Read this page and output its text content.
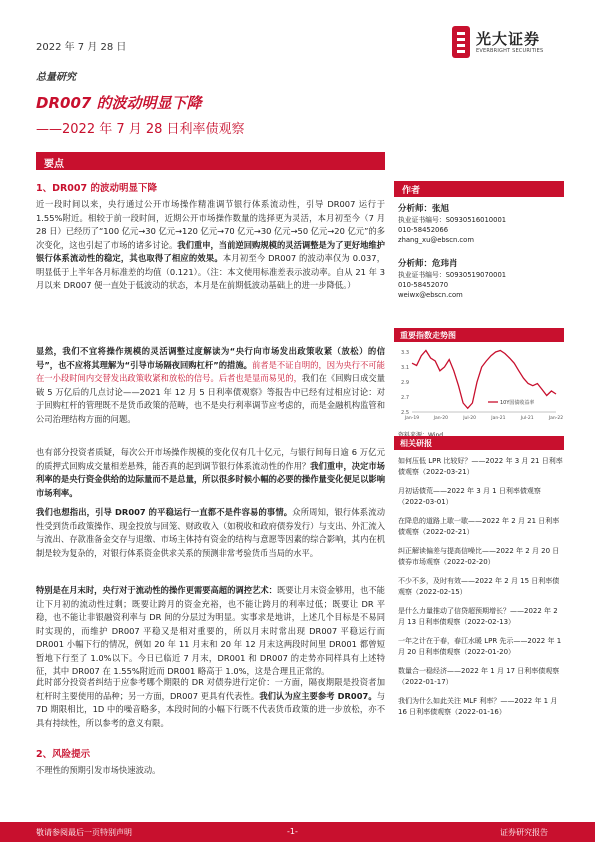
2022 年 7 月 28 日	光大证券
EVERBRIGHT SECURITIES
总量研究
DR007 的波动明显下降
——2022 年 7 月 28 日利率债观察
要点
1、DR007 的波动明显下降
近一段时间以来，央行通过公开市场操作精准调节银行体系流动性，引导 DR007 运行于 1.55%附近。相较于前一段时间，近期公开市场操作数量的选择更为灵活，本月初至今（7 月 28 日）已经历了“100 亿元→30 亿元→120 亿元→70 亿元→30 亿元→50 亿元→20 亿元”的多次变化，这也引起了市场的诸多讨论。我们重申，当前逆回购规模的灵活调整是为了更好地维护银行体系流动性的稳定，其也取得了相应的效果。本月初至今 DR007 的波动率仅为 0.037，明显低于上半年各月标准差的均值（0.121）。（注：本文使用标准差表示波动率。自从 21 年 3 月以来 DR007 便一直处于低波动的状态，本月是在前期低波动基础上的进一步降低。）
显然，我们不宜将操作规模的灵活调整过度解读为“央行向市场发出政策收紧（放松）的信号”，也不应将其理解为“引导市场隔夜回购杠杆”的措施。前者是不证自明的，因为央行不可能在一小段时间内交替发出政策收紧和放松的信号。后者也是显而易见的，我们在《回购日成交量破 5 万亿后的几点讨论——2021 年 12 月 5 日利率债观察》等报告中已经有过相应讨论：对于回购杠杆的管理既不是货币政策的范畴，也不是央行利率调节应考虑的，而是金融机构监管和公司治理结构方面的问题。
也有部分投资者质疑，每次公开市场操作规模的变化仅有几十亿元，与银行间每日逾 6 万亿元的质押式回购成交量相差悬殊，能否真的起到调节银行体系流动性的作用？我们重申，决定市场利率的是央行资金供给的边际量而不是总量，所以很多时候小幅的必要的操作量变化便足以影响市场利率。
我们也想指出，引导 DR007 的平稳运行一直都不是件容易的事情。众所周知，银行体系流动性受到货币政策操作、现金投放与回笼、财政收入（如税收和政府债券发行）与支出、外汇流入与流出、存款准备金交存与退缴、市场主体持有资金的结构与意愿等因素的综合影响，其内在机制是较为复杂的，对银行体系资金供求关系的预测非常考验货币当局的水平。
特别是在月末时，央行对于流动性的操作更需要高超的调控艺术：既要让月末资金够用，也不能让下月初的流动性过剩；既要让跨月的资金充裕，也不能让跨月的利率过低；既要让 DR 平稳，也不能让非银融资利率与 DR 间的分层过为明显。实事求是地讲，上述几个目标是不易同时实现的，而维护 DR007 平稳又是相对重要的，所以月末时常出现 DR007 平稳运行而 DR001 小幅下行的情况，例如 20 年 11 月末和 20 年 12 月末这两段时间里 DR001 都曾短暂地下行至了 1.0%以下。今日已临近 7 月末，DR001 和 DR007 的走势亦同样具有上述特征，其中 DR007 在 1.55%附近而 DR001 略高于 1.0%，这是合理且正常的。
此时部分投资者纠结于应参考哪个期限的 DR 对债券进行定价：一方面，隔夜期限是投资者加杠杆时主要使用的品种；另一方面，DR007 更具有代表性。我们认为应主要参考 DR007。与 7D 期限相比，1D 中的噪音略多，本段时间的小幅下行既不代表货币政策的进一步放松，亦不具有持续性，所以参考的意义有限。
2、风险提示
不理性的预期引发市场快速波动。
作者
分析师：张旭
执业证书编号：S0930516010001
010-58452066
zhang_xu@ebscn.com
分析师：危玮肖
执业证书编号：S0930519070001
010-58452070
weiwx@ebscn.com
重要指数走势图
2.5
2.7
2.9
3.1
3.3
Jan-19	Jan-20	Jul-20	Jan-21	Jul-21	Jan-22
10Y国债收益率
相关研报
如何压低 LPR 比较好？——2022 年 3 月 21 日利率债观察（2022-03-21）
月初话债荒——2022 年 3 月 1 日利率债观察（2022-03-01）
在降息的道路上歇一歇——2022 年 2 月 21 日利率债观察（2022-02-21）
纠正解读偏差与提高信噪比——2022 年 2 月 20 日债券市场观察（2022-02-20）
不少不多，及时有效——2022 年 2 月 15 日利率债观察（2022-02-15）
是什么力量推动了信贷超预期增长？——2022 年 2 月 13 日利率债观察（2022-02-13）
一年之计在于春，春江水暖 LPR 先示——2022 年 1 月 20 日利率债观察（2022-01-20）
数量合一稳经济——2022 年 1 月 17 日利率债观察（2022-01-17）
我们为什么如此关注 MLF 利率？——2022 年 1 月 16 日利率债观察（2022-01-16）
敬请参阅最后一页特别声明	-1-	证券研究报告
